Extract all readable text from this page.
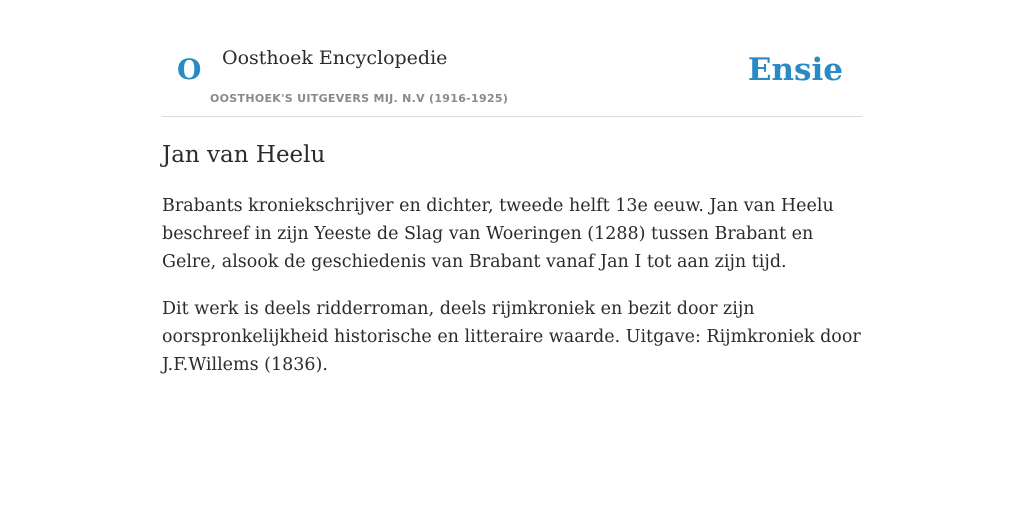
O Oosthoek Encyclopedie
OOSTHOEK'S UITGEVERS MIJ. N.V (1916-1925)
Ensie
Jan van Heelu

Brabants kroniekschrijver en dichter, tweede helft 13e eeuw. Jan van Heelu beschreef in zijn Yeeste de Slag van Woeringen (1288) tussen Brabant en Gelre, alsook de geschiedenis van Brabant vanaf Jan I tot aan zijn tijd.

Dit werk is deels ridderroman, deels rijmkroniek en bezit door zijn oorspronkelijkheid historische en litteraire waarde. Uitgave: Rijmkroniek door J.F.Willems (1836).
